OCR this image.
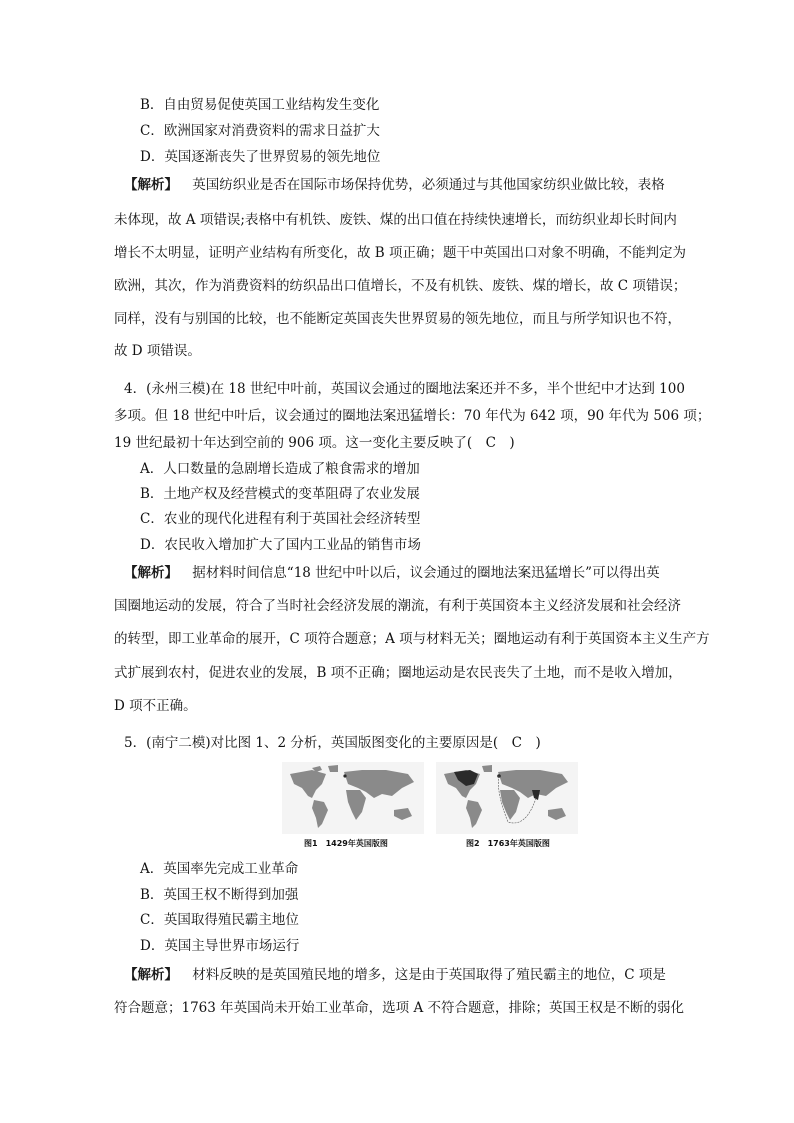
B．自由贸易促使英国工业结构发生变化
C．欧洲国家对消费资料的需求日益扩大
D．英国逐渐丧失了世界贸易的领先地位
【 解析 】 英国纺织业是否在国际市场保持优势，必须通过与其他国家纺织业做比较，表格
未体现，故 A 项错误;表格中有机铁、废铁、煤的出口值在持续快速增长，而纺织业却长时间内
增长不太明显，证明产业结构有所变化，故 B 项正确；题干中英国出口对象不明确，不能判定为
欧洲，其次，作为消费资料的纺织品出口值增长，不及有机铁、废铁、煤的增长，故 C 项错误；
同样，没有与别国的比较，也不能断定英国丧失世界贸易的领先地位，而且与所学知识也不符，
故 D 项错误。
4．(永州三模)在 18 世纪中叶前，英国议会通过的圈地法案还并不多，半个世纪中才达到 100
多项。但 18 世纪中叶后，议会通过的圈地法案迅猛增长：70 年代为 642 项，90 年代为 506 项；
19 世纪最初十年达到空前的 906 项。这一变化主要反映了(　C　)
A．人口数量的急剧增长造成了粮食需求的增加
B．土地产权及经营模式的变革阻碍了农业发展
C．农业的现代化进程有利于英国社会经济转型
D．农民收入增加扩大了国内工业品的销售市场
【 解析 】 据材料时间信息“18 世纪中叶以后，议会通过的圈地法案迅猛增长”可以得出英
国圈地运动的发展，符合了当时社会经济发展的潮流，有利于英国资本主义经济发展和社会经济
的转型，即工业革命的展开，C 项符合题意；A 项与材料无关；圈地运动有利于英国资本主义生产方
式扩展到农村，促进农业的发展，B 项不正确；圈地运动是农民丧失了土地，而不是收入增加，
D 项不正确。
5．(南宁二模)对比图 1、2 分析，英国版图变化的主要原因是(　C　)
图1　1429年英国版图	图2　1763年英国版图
A．英国率先完成工业革命
B．英国王权不断得到加强
C．英国取得殖民霸主地位
D．英国主导世界市场运行
【 解析 】 材料反映的是英国殖民地的增多，这是由于英国取得了殖民霸主的地位，C 项是
符合题意；1763 年英国尚未开始工业革命，选项 A 不符合题意，排除；英国王权是不断的弱化
